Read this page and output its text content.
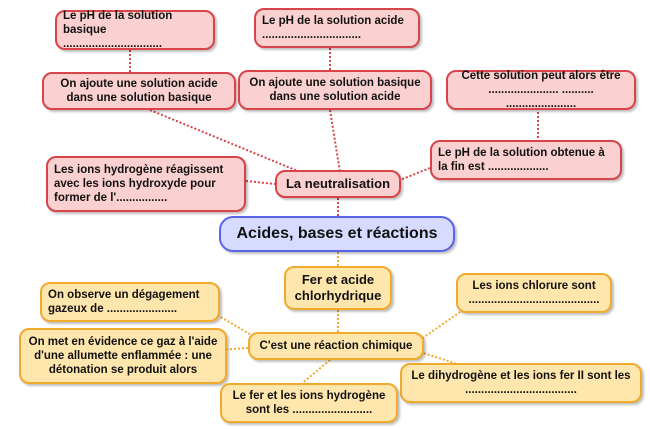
Acides, bases et réactions
La neutralisation
Le pH de la solution
basique ...............................
Le pH de la solution acide
...............................
On ajoute une solution acide
dans une solution basique
On ajoute une solution basique
dans une solution acide
Cette solution peut alors être
...................... .......... ......................
Le pH de la solution obtenue à
la fin est ...................
Les ions hydrogène réagissent
avec les ions hydroxyde pour
former de l'................
Fer et acide
chlorhydrique
C'est une réaction chimique
On observe un dégagement
gazeux de ......................
On met en évidence ce gaz à l'aide
d'une allumette enflammée : une
détonation se produit alors
Les ions chlorure sont
.........................................
Le dihydrogène et les ions fer II sont les
...................................
Le fer et les ions hydrogène
sont les .........................
